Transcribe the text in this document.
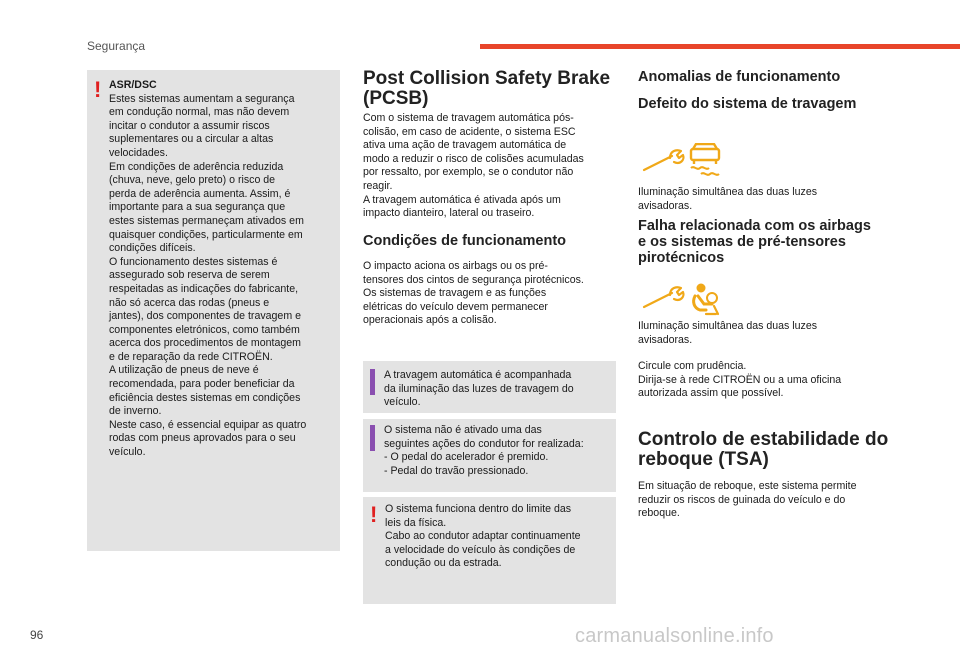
Segurança
! ASR/DSC
Estes sistemas aumentam a segurança
em condução normal, mas não devem
incitar o condutor a assumir riscos
suplementares ou a circular a altas
velocidades.
Em condições de aderência reduzida
(chuva, neve, gelo preto) o risco de
perda de aderência aumenta. Assim, é
importante para a sua segurança que
estes sistemas permaneçam ativados em
quaisquer condições, particularmente em
condições difíceis.
O funcionamento destes sistemas é
assegurado sob reserva de serem
respeitadas as indicações do fabricante,
não só acerca das rodas (pneus e
jantes), dos componentes de travagem e
componentes eletrónicos, como também
acerca dos procedimentos de montagem
e de reparação da rede CITROËN.
A utilização de pneus de neve é
recomendada, para poder beneficiar da
eficiência destes sistemas em condições
de inverno.
Neste caso, é essencial equipar as quatro
rodas com pneus aprovados para o seu
veículo.
Post Collision Safety Brake (PCSB)
Com o sistema de travagem automática pós-
colisão, em caso de acidente, o sistema ESC
ativa uma ação de travagem automática de
modo a reduzir o risco de colisões acumuladas
por ressalto, por exemplo, se o condutor não
reagir.
A travagem automática é ativada após um
impacto dianteiro, lateral ou traseiro.
Condições de funcionamento
O impacto aciona os airbags ou os pré-
tensores dos cintos de segurança pirotécnicos.
Os sistemas de travagem e as funções
elétricas do veículo devem permanecer
operacionais após a colisão.
A travagem automática é acompanhada
da iluminação das luzes de travagem do
veículo.
O sistema não é ativado uma das
seguintes ações do condutor for realizada:
- O pedal do acelerador é premido.
- Pedal do travão pressionado.
! O sistema funciona dentro do limite das
leis da física.
Cabo ao condutor adaptar continuamente
a velocidade do veículo às condições de
condução ou da estrada.
Anomalias de funcionamento
Defeito do sistema de travagem
Iluminação simultânea das duas luzes
avisadoras.
Falha relacionada com os airbags e os sistemas de pré-tensores pirotécnicos
Iluminação simultânea das duas luzes
avisadoras.
Circule com prudência.
Dirija-se à rede CITROËN ou a uma oficina
autorizada assim que possível.
Controlo de estabilidade do reboque (TSA)
Em situação de reboque, este sistema permite
reduzir os riscos de guinada do veículo e do
reboque.
96	carmanualsonline.info
